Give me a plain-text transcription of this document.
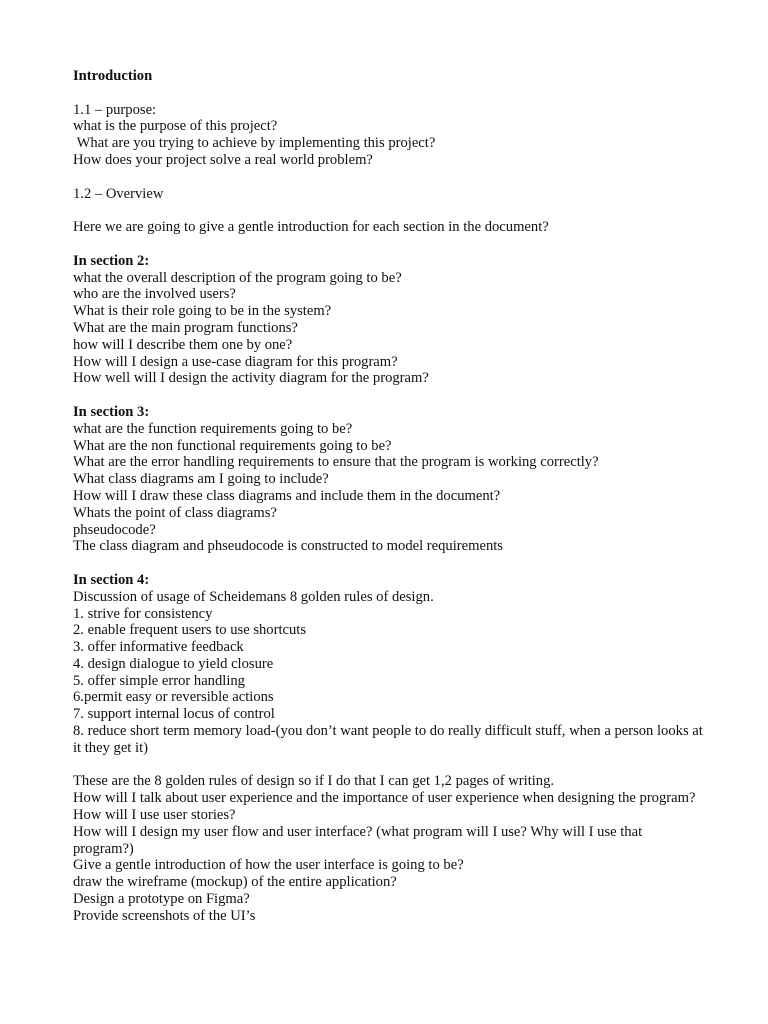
Introduction
1.1 – purpose:
what is the purpose of this project?
What are you trying to achieve by implementing this project?
How does your project solve a real world problem?
1.2 – Overview
Here we are going to give a gentle introduction for each section in the document?
In section 2:
what the overall description of the program going to be?
who are the involved users?
What is their role going to be in the system?
What are the main program functions?
how will I describe them one by one?
How will I design a use-case diagram for this program?
How well will I design the activity diagram for the program?
In section 3:
what are the function requirements going to be?
What are the non functional requirements going to be?
What are the error handling requirements to ensure that the program is working correctly?
What class diagrams am I going to include?
How will I draw these class diagrams and include them in the document?
Whats the point of class diagrams?
phseudocode?
The class diagram and phseudocode is constructed to model requirements
In section 4:
Discussion of usage of Scheidemans 8 golden rules of design.
1. strive for consistency
2. enable frequent users to use shortcuts
3. offer informative feedback
4. design dialogue to yield closure
5. offer simple error handling
6.permit easy or reversible actions
7. support internal locus of control
8. reduce short term memory load-(you don’t want people to do really difficult stuff, when a person looks at it they get it)
These are the 8 golden rules of design so if I do that I can get 1,2 pages of writing.
How will I talk about user experience and the importance of user experience when designing the program?
How will I use user stories?
How will I design my user flow and user interface? (what program will I use? Why will I use that program?)
Give a gentle introduction of how the user interface is going to be?
draw the wireframe (mockup) of the entire application?
Design a prototype on Figma?
Provide screenshots of the UI’s
